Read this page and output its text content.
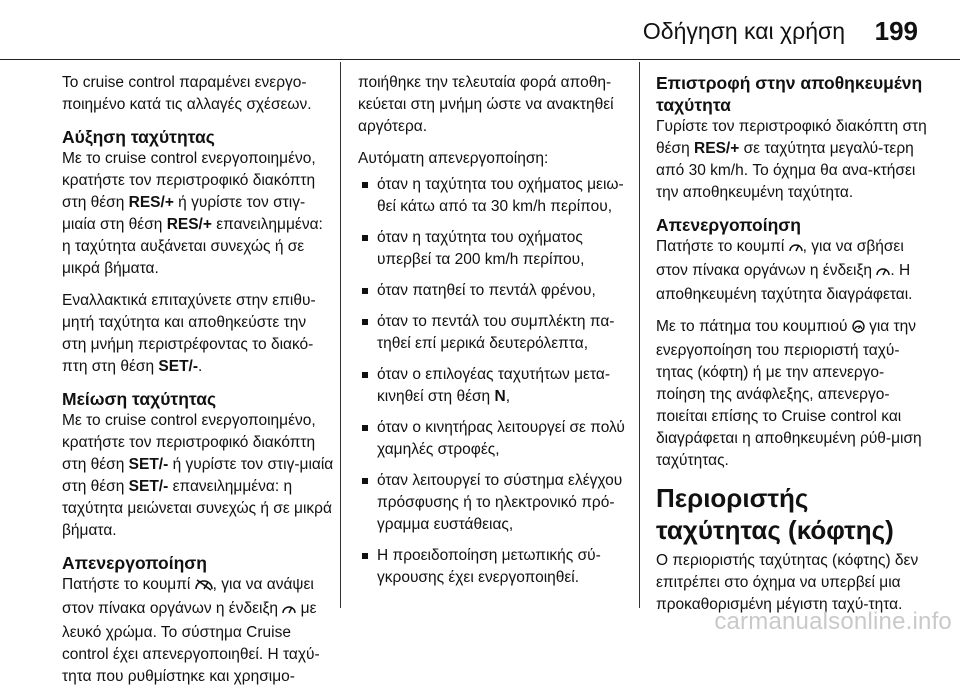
Οδήγηση και χρήση 199

Το cruise control παραμένει ενεργο-ποιημένο κατά τις αλλαγές σχέσεων.

Αύξηση ταχύτητας

Με το cruise control ενεργοποιημένο, κρατήστε τον περιστροφικό διακόπτη στη θέση RES/+ ή γυρίστε τον στιγ-μιαία στη θέση RES/+ επανειλημμένα: η ταχύτητα αυξάνεται συνεχώς ή σε μικρά βήματα.

Εναλλακτικά επιταχύνετε στην επιθυ-μητή ταχύτητα και αποθηκεύστε την στη μνήμη περιστρέφοντας το διακό-πτη στη θέση SET/-.

Μείωση ταχύτητας

Με το cruise control ενεργοποιημένο, κρατήστε τον περιστροφικό διακόπτη στη θέση SET/- ή γυρίστε τον στιγ-μιαία στη θέση SET/- επανειλημμένα: η ταχύτητα μειώνεται συνεχώς ή σε μικρά βήματα.

Απενεργοποίηση

Πατήστε το κουμπί , για να ανάψει στον πίνακα οργάνων η ένδειξη  με λευκό χρώμα. Το σύστημα Cruise control έχει απενεργοποιηθεί. Η ταχύ-τητα που ρυθμίστηκε και χρησιμο-

ποιήθηκε την τελευταία φορά αποθη-κεύεται στη μνήμη ώστε να ανακτηθεί αργότερα.

Αυτόματη απενεργοποίηση:

όταν η ταχύτητα του οχήματος μειω-θεί κάτω από τα 30 km/h περίπου,
όταν η ταχύτητα του οχήματος υπερβεί τα 200 km/h περίπου,
όταν πατηθεί το πεντάλ φρένου,
όταν το πεντάλ του συμπλέκτη πα-τηθεί επί μερικά δευτερόλεπτα,
όταν ο επιλογέας ταχυτήτων μετα-κινηθεί στη θέση N,
όταν ο κινητήρας λειτουργεί σε πολύ χαμηλές στροφές,
όταν λειτουργεί το σύστημα ελέγχου πρόσφυσης ή το ηλεκτρονικό πρό-γραμμα ευστάθειας,
Η προειδοποίηση μετωπικής σύ-γκρουσης έχει ενεργοποιηθεί.
Επιστροφή στην αποθηκευμένη ταχύτητα

Γυρίστε τον περιστροφικό διακόπτη στη θέση RES/+ σε ταχύτητα μεγαλύ-τερη από 30 km/h. Το όχημα θα ανα-κτήσει την αποθηκευμένη ταχύτητα.

Απενεργοποίηση

Πατήστε το κουμπί , για να σβήσει στον πίνακα οργάνων η ένδειξη . Η αποθηκευμένη ταχύτητα διαγράφεται.

Με το πάτημα του κουμπιού  για την ενεργοποίηση του περιοριστή ταχύ-τητας (κόφτη) ή με την απενεργο-ποίηση της ανάφλεξης, απενεργο-ποιείται επίσης το Cruise control και διαγράφεται η αποθηκευμένη ρύθ-μιση ταχύτητας.

Περιοριστής ταχύτητας (κόφτης)

Ο περιοριστής ταχύτητας (κόφτης) δεν επιτρέπει στο όχημα να υπερβεί μια προκαθορισμένη μέγιστη ταχύ-τητα.

carmanualsonline.info
